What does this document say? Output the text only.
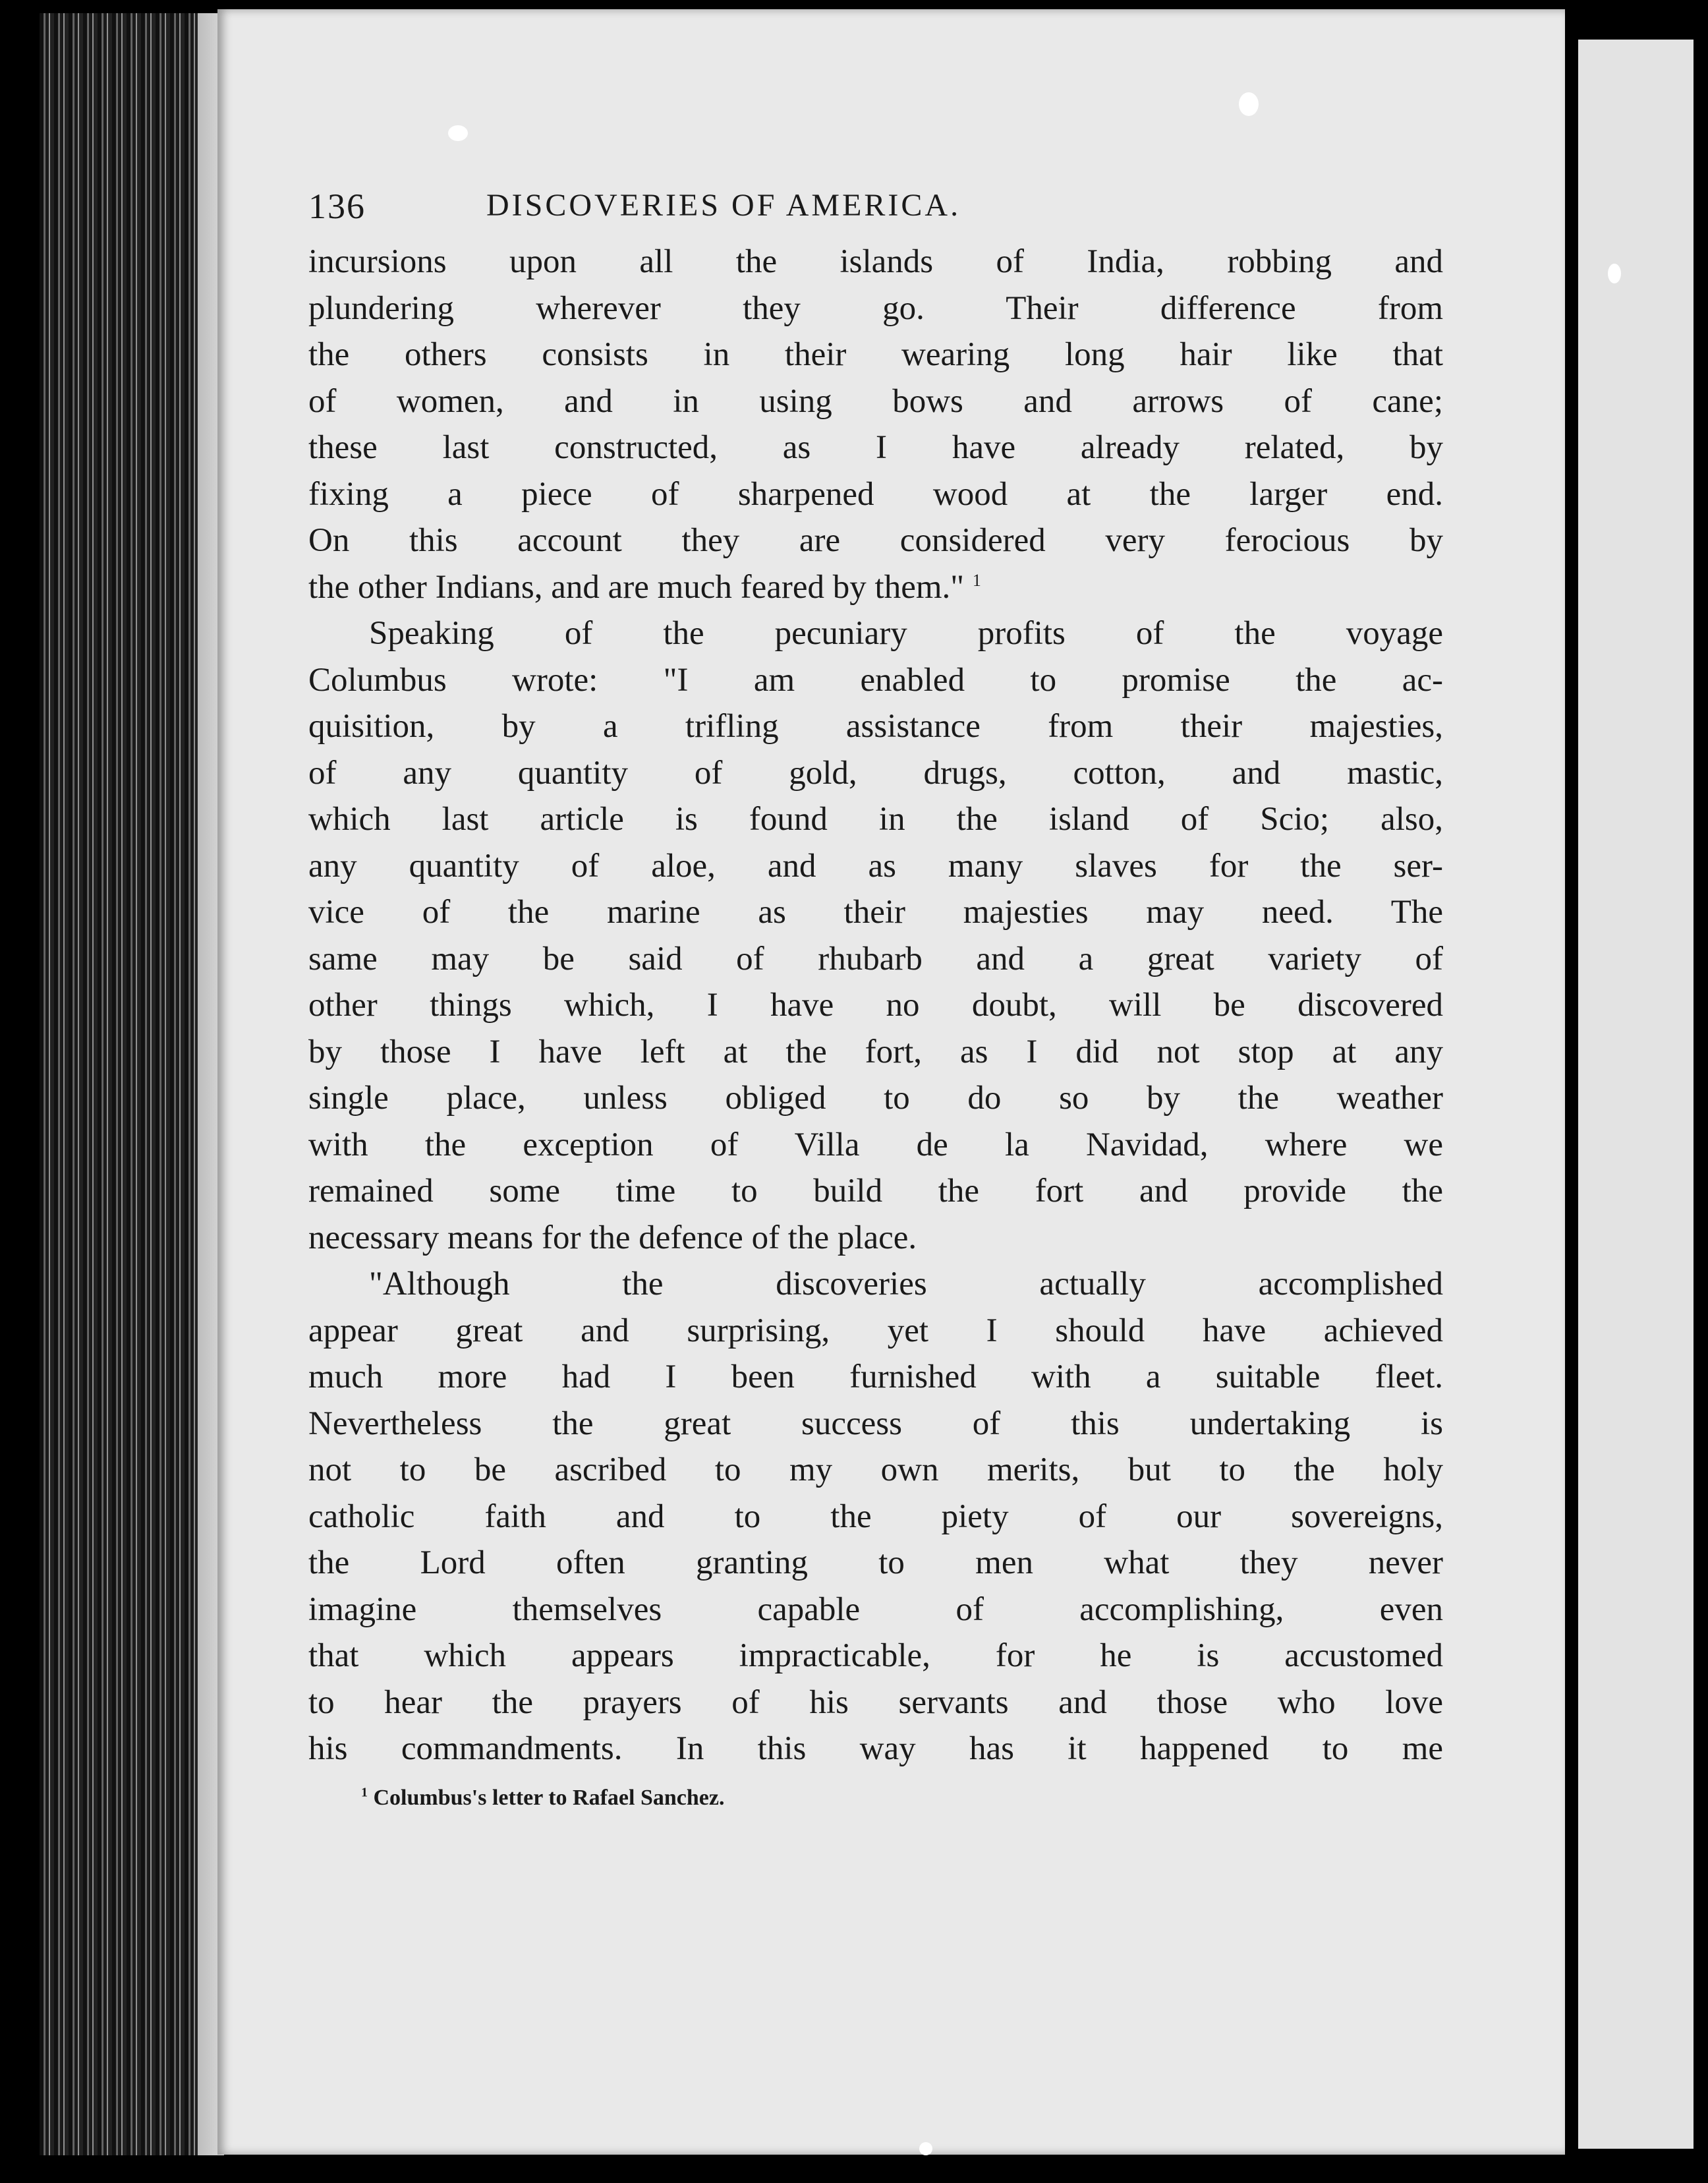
136	DISCOVERIES OF AMERICA.
incursions upon all the islands of India, robbing and
plundering wherever they go. Their difference from
the others consists in their wearing long hair like that
of women, and in using bows and arrows of cane;
these last constructed, as I have already related, by
fixing a piece of sharpened wood at the larger end.
On this account they are considered very ferocious by
the other Indians, and are much feared by them." $^1$
Speaking of the pecuniary profits of the voyage
Columbus wrote: "I am enabled to promise the ac-
quisition, by a trifling assistance from their majesties,
of any quantity of gold, drugs, cotton, and mastic,
which last article is found in the island of Scio; also,
any quantity of aloe, and as many slaves for the ser-
vice of the marine as their majesties may need. The
same may be said of rhubarb and a great variety of
other things which, I have no doubt, will be discovered
by those I have left at the fort, as I did not stop at any
single place, unless obliged to do so by the weather
with the exception of Villa de la Navidad, where we
remained some time to build the fort and provide the
necessary means for the defence of the place.
"Although the discoveries actually accomplished
appear great and surprising, yet I should have achieved
much more had I been furnished with a suitable fleet.
Nevertheless the great success of this undertaking is
not to be ascribed to my own merits, but to the holy
catholic faith and to the piety of our sovereigns,
the Lord often granting to men what they never
imagine themselves capable of accomplishing, even
that which appears impracticable, for he is accustomed
to hear the prayers of his servants and those who love
his commandments. In this way has it happened to me
$^1$ Columbus's letter to Rafael Sanchez.
